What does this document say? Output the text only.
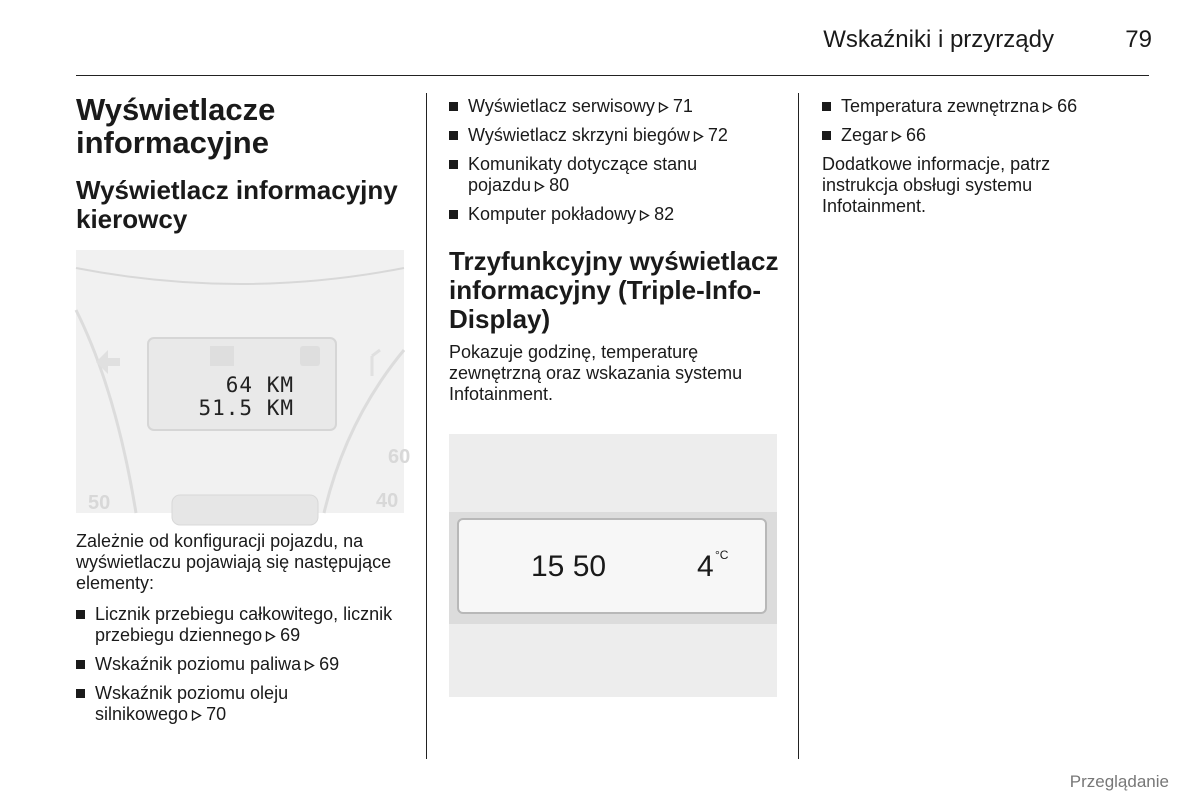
Wskaźniki i przyrządy	79
Wyświetlacze informacyjne
Wyświetlacz informacyjny kierowcy
64 KM
51.5 KM
50	40
60

Zależnie od konfiguracji pojazdu, na wyświetlaczu pojawiają się następujące elementy:

Licznik przebiegu całkowitego, licznik przebiegu dziennego 69
Wskaźnik poziomu paliwa 69
Wskaźnik poziomu oleju silnikowego 70
Wyświetlacz serwisowy 71
Wyświetlacz skrzyni biegów 72
Komunikaty dotyczące stanu pojazdu 80
Komputer pokładowy 82
Trzyfunkcyjny wyświetlacz informacyjny (Triple-Info-Display)

Pokazuje godzinę, temperaturę zewnętrzną oraz wskazania systemu Infotainment.

15 50	4 °C
Temperatura zewnętrzna 66
Zegar 66

Dodatkowe informacje, patrz instrukcja obsługi systemu Infotainment.

Przeglądanie
